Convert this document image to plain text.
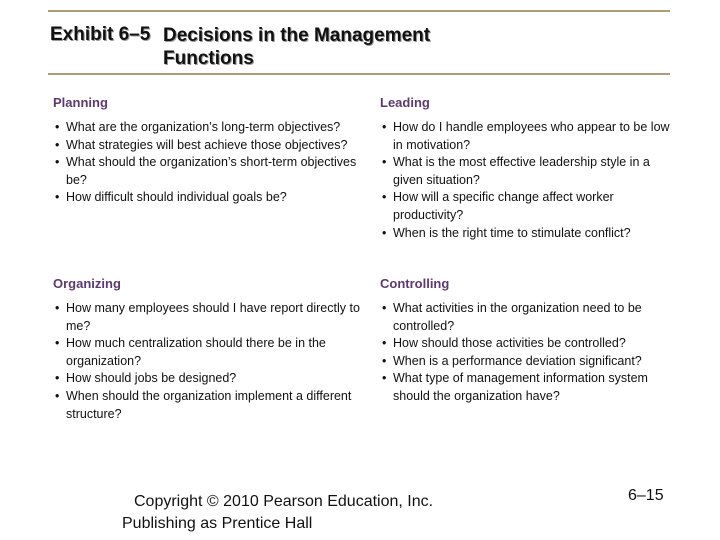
Exhibit 6–5 Decisions in the Management Functions
Planning
• What are the organization’s long-term objectives?
• What strategies will best achieve those objectives?
• What should the organization’s short-term objectives be?
• How difficult should individual goals be?
Leading
• How do I handle employees who appear to be low in motivation?
• What is the most effective leadership style in a given situation?
• How will a specific change affect worker productivity?
• When is the right time to stimulate conflict?
Organizing
• How many employees should I have report directly to me?
• How much centralization should there be in the organization?
• How should jobs be designed?
• When should the organization implement a different structure?
Controlling
• What activities in the organization need to be controlled?
• How should those activities be controlled?
• When is a performance deviation significant?
• What type of management information system should the organization have?
Copyright © 2010 Pearson Education, Inc.
Publishing as Prentice Hall
6–15
